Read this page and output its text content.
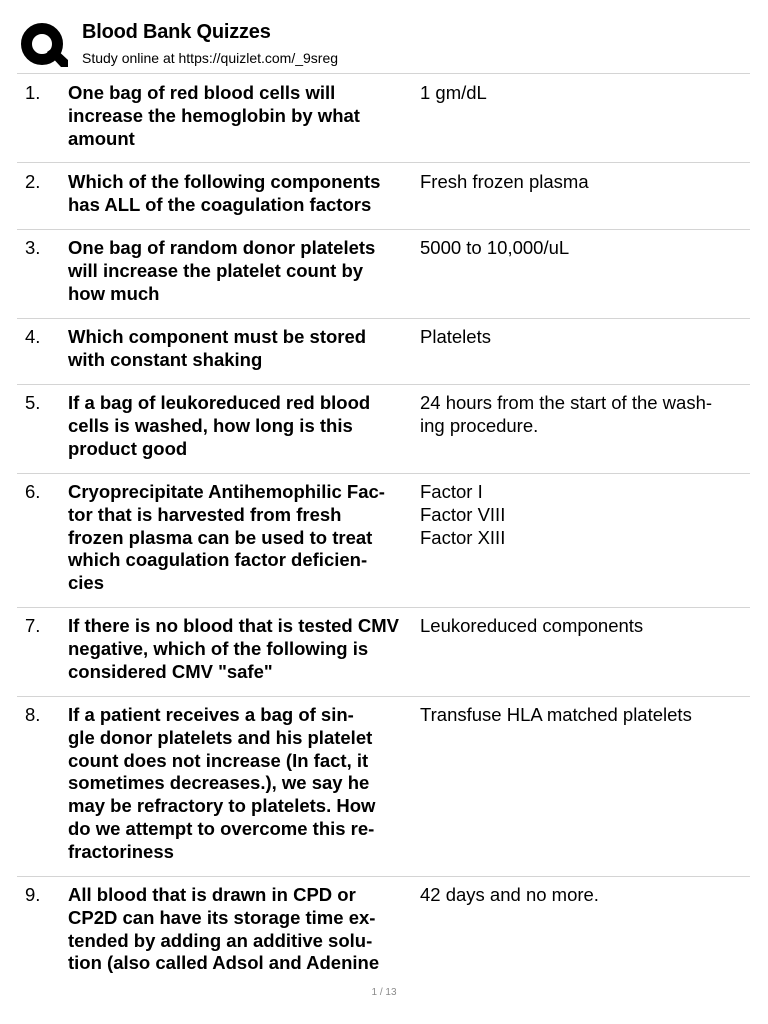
Blood Bank Quizzes
Study online at https://quizlet.com/_9sreg
1. One bag of red blood cells will
increase the hemoglobin by what
amount
1 gm/dL
2. Which of the following components
has ALL of the coagulation factors
Fresh frozen plasma
3. One bag of random donor platelets
will increase the platelet count by
how much
5000 to 10,000/uL
4. Which component must be stored
with constant shaking
Platelets
5. If a bag of leukoreduced red blood
cells is washed, how long is this
product good
24 hours from the start of the wash-
ing procedure.
6. Cryoprecipitate Antihemophilic Fac-
tor that is harvested from fresh
frozen plasma can be used to treat
which coagulation factor deficien-
cies
Factor I
Factor VIII
Factor XIII
7. If there is no blood that is tested CMV
negative, which of the following is
considered CMV "safe"
Leukoreduced components
8. If a patient receives a bag of sin-
gle donor platelets and his platelet
count does not increase (In fact, it
sometimes decreases.), we say he
may be refractory to platelets. How
do we attempt to overcome this re-
fractoriness
Transfuse HLA matched platelets
9. All blood that is drawn in CPD or
CP2D can have its storage time ex-
tended by adding an additive solu-
tion (also called Adsol and Adenine
42 days and no more.
1 / 13
